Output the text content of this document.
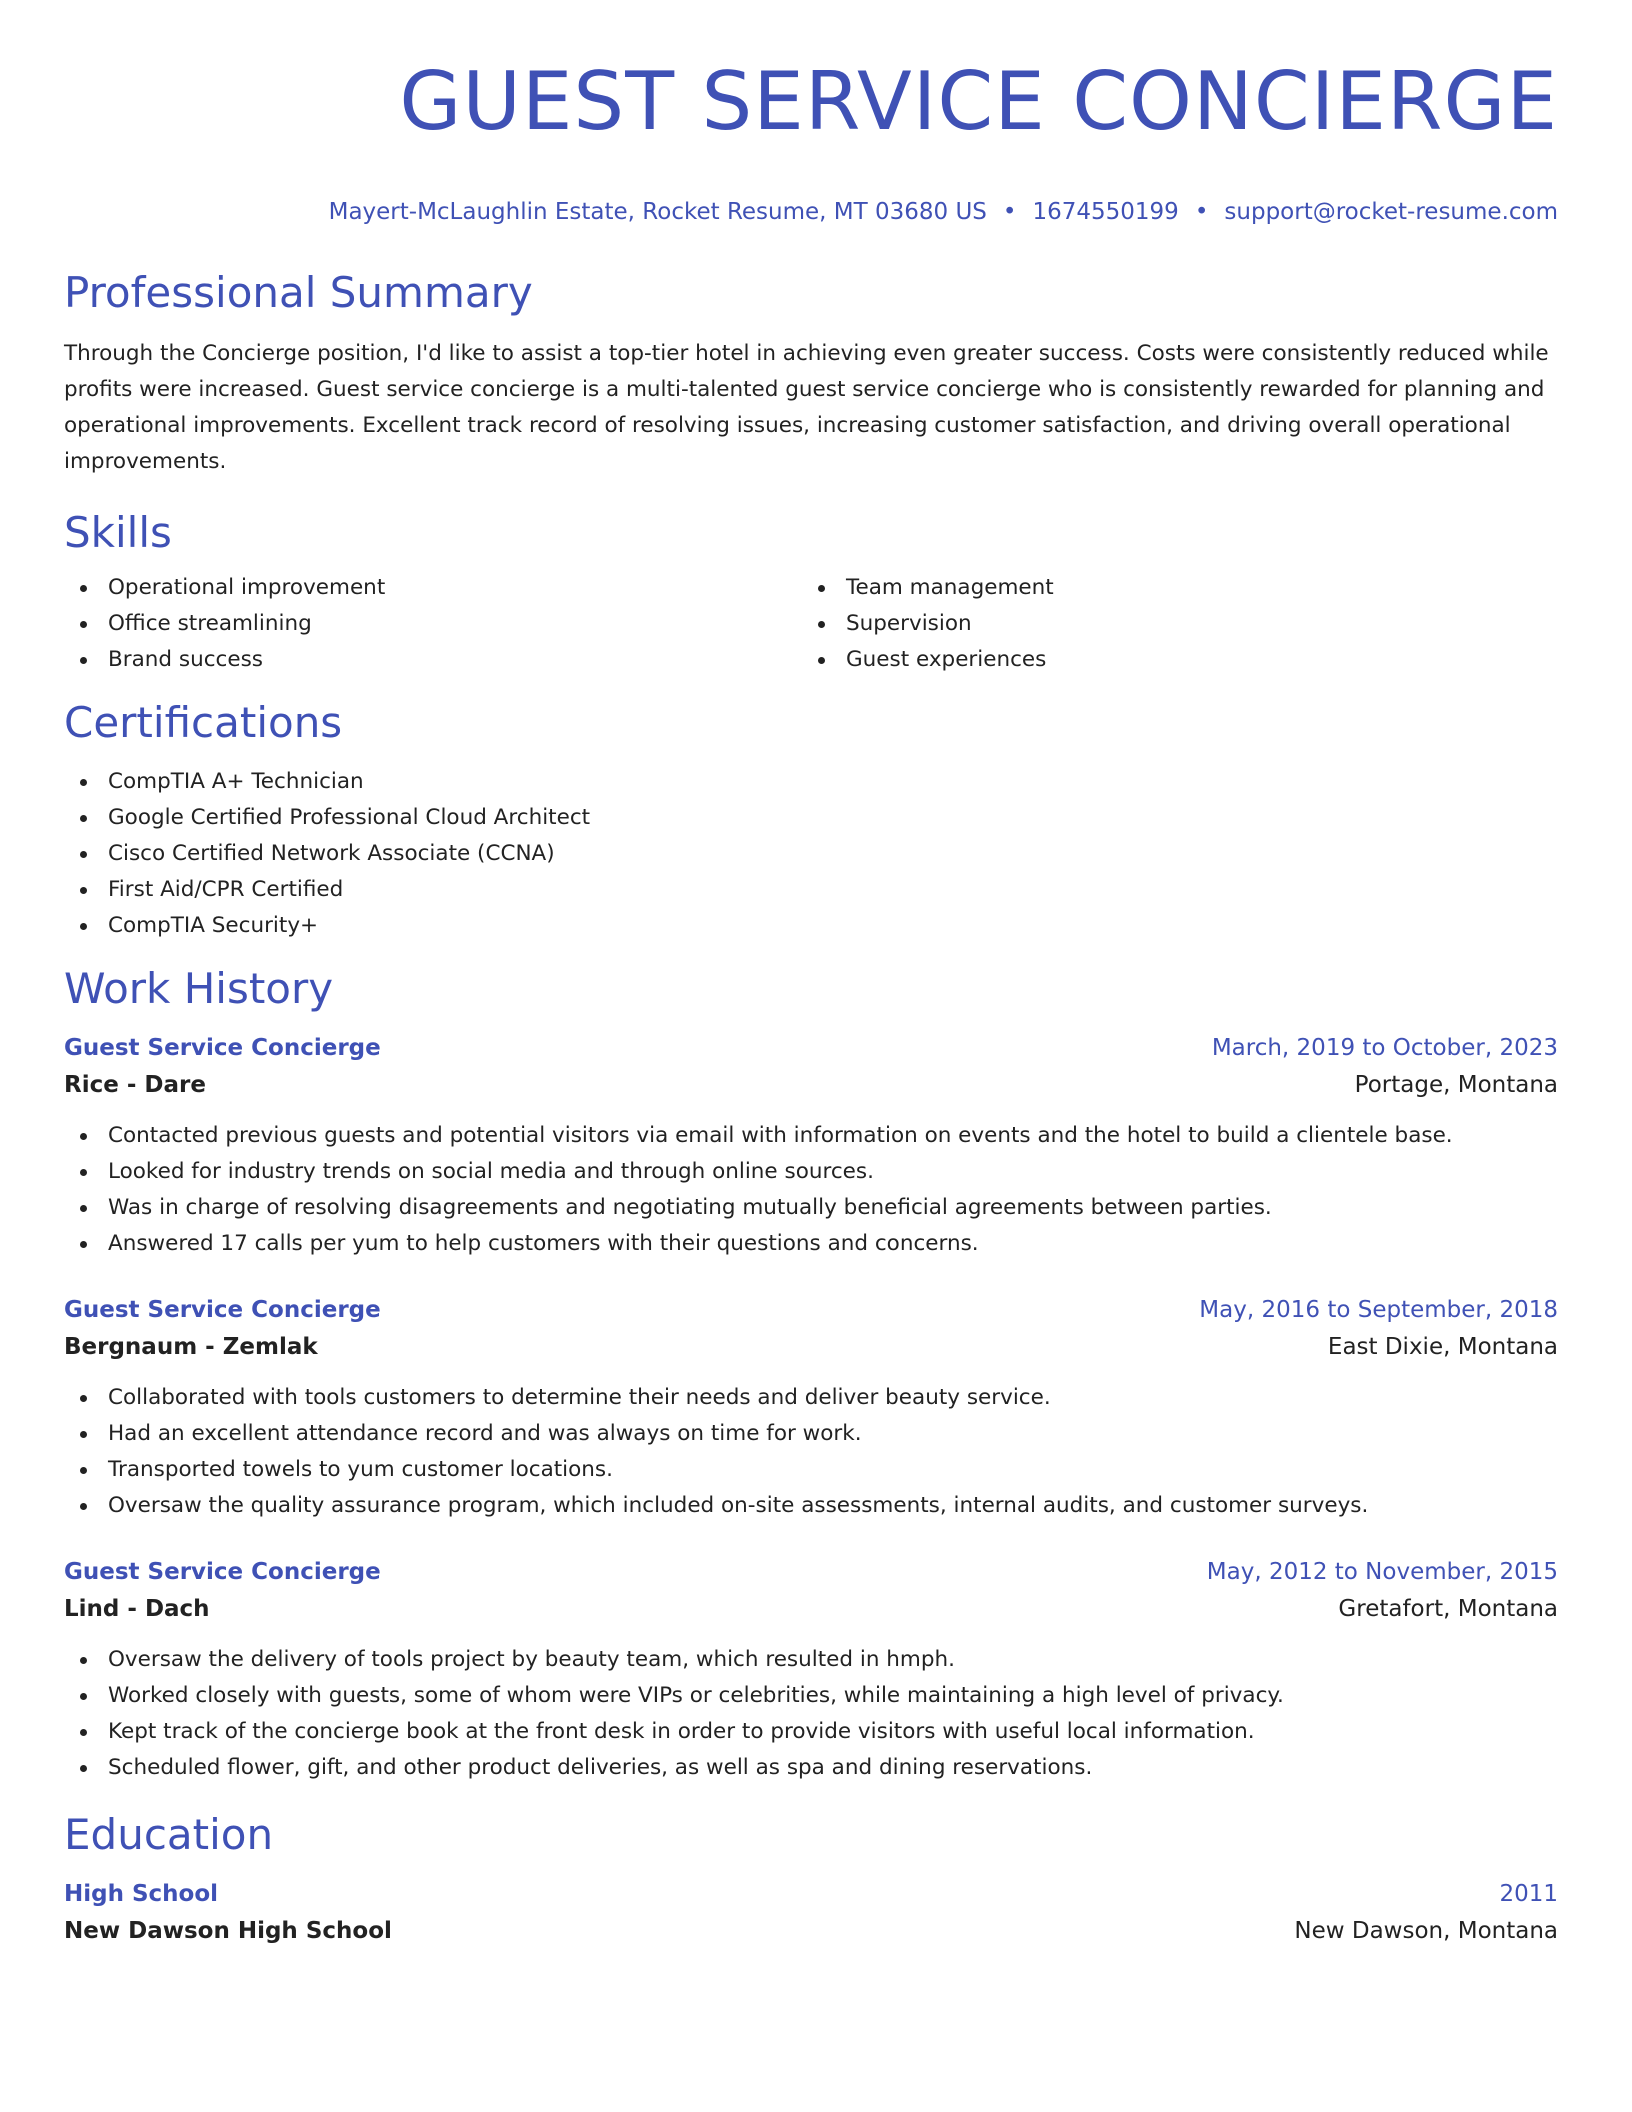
GUEST SERVICE CONCIERGE
Mayert-McLaughlin Estate, Rocket Resume, MT 03680 US • 1674550199 • support@rocket-resume.com
Professional Summary
Through the Concierge position, I'd like to assist a top-tier hotel in achieving even greater success. Costs were consistently reduced while profits were increased. Guest service concierge is a multi-talented guest service concierge who is consistently rewarded for planning and operational improvements. Excellent track record of resolving issues, increasing customer satisfaction, and driving overall operational improvements.
Skills
Operational improvement
Office streamlining
Brand success
Team management
Supervision
Guest experiences
Certifications
CompTIA A+ Technician
Google Certified Professional Cloud Architect
Cisco Certified Network Associate (CCNA)
First Aid/CPR Certified
CompTIA Security+
Work History
Guest Service Concierge	March, 2019 to October, 2023
Rice - Dare	Portage, Montana
Contacted previous guests and potential visitors via email with information on events and the hotel to build a clientele base.
Looked for industry trends on social media and through online sources.
Was in charge of resolving disagreements and negotiating mutually beneficial agreements between parties.
Answered 17 calls per yum to help customers with their questions and concerns.
Guest Service Concierge	May, 2016 to September, 2018
Bergnaum - Zemlak	East Dixie, Montana
Collaborated with tools customers to determine their needs and deliver beauty service.
Had an excellent attendance record and was always on time for work.
Transported towels to yum customer locations.
Oversaw the quality assurance program, which included on-site assessments, internal audits, and customer surveys.
Guest Service Concierge	May, 2012 to November, 2015
Lind - Dach	Gretafort, Montana
Oversaw the delivery of tools project by beauty team, which resulted in hmph.
Worked closely with guests, some of whom were VIPs or celebrities, while maintaining a high level of privacy.
Kept track of the concierge book at the front desk in order to provide visitors with useful local information.
Scheduled flower, gift, and other product deliveries, as well as spa and dining reservations.
Education
High School	2011
New Dawson High School	New Dawson, Montana
